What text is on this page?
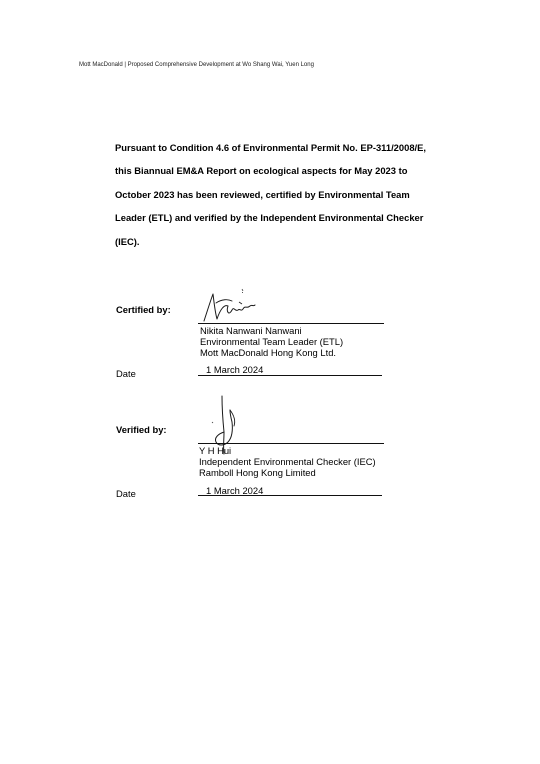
Mott MacDonald | Proposed Comprehensive Development at Wo Shang Wai, Yuen Long
Pursuant to Condition 4.6 of Environmental Permit No. EP-311/2008/E,
this Biannual EM&A Report on ecological aspects for May 2023 to
October 2023 has been reviewed, certified by Environmental Team
Leader (ETL) and verified by the Independent Environmental Checker
(IEC).
Certified by:
Nikita Nanwani Nanwani
Environmental Team Leader (ETL)
Mott MacDonald Hong Kong Ltd.
Date	1 March 2024
Verified by:
Y H Hui
Independent Environmental Checker (IEC)
Ramboll Hong Kong Limited
Date	1 March 2024
